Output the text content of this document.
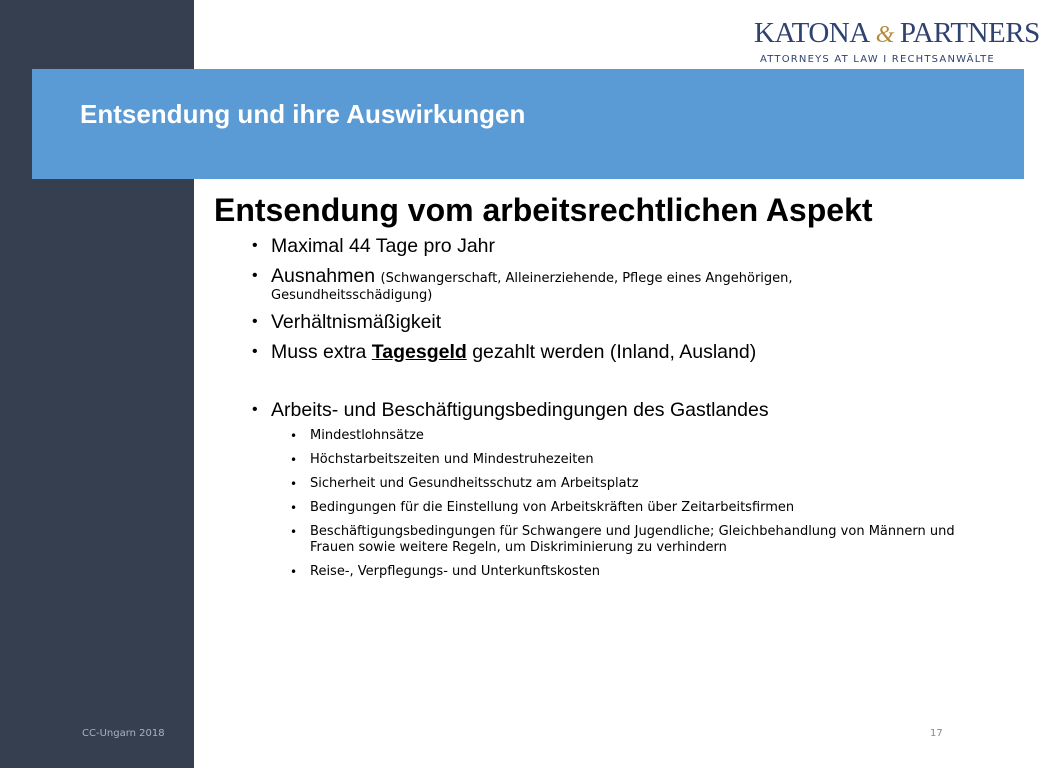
KATONA & PARTNERS
ATTORNEYS AT LAW I RECHTSANWÄLTE
Entsendung und ihre Auswirkungen
Entsendung vom arbeitsrechtlichen Aspekt
• Maximal 44 Tage pro Jahr
• Ausnahmen (Schwangerschaft, Alleinerziehende, Pflege eines Angehörigen,
Gesundheitsschädigung)
• Verhältnismäßigkeit
• Muss extra Tagesgeld gezahlt werden (Inland, Ausland)
• Arbeits- und Beschäftigungsbedingungen des Gastlandes
• Mindestlohnsätze
• Höchstarbeitszeiten und Mindestruhezeiten
• Sicherheit und Gesundheitsschutz am Arbeitsplatz
• Bedingungen für die Einstellung von Arbeitskräften über Zeitarbeitsfirmen
• Beschäftigungsbedingungen für Schwangere und Jugendliche; Gleichbehandlung von Männern und Frauen sowie weitere Regeln, um Diskriminierung zu verhindern
• Reise-, Verpflegungs- und Unterkunftskosten
CC-Ungarn 2018	17
